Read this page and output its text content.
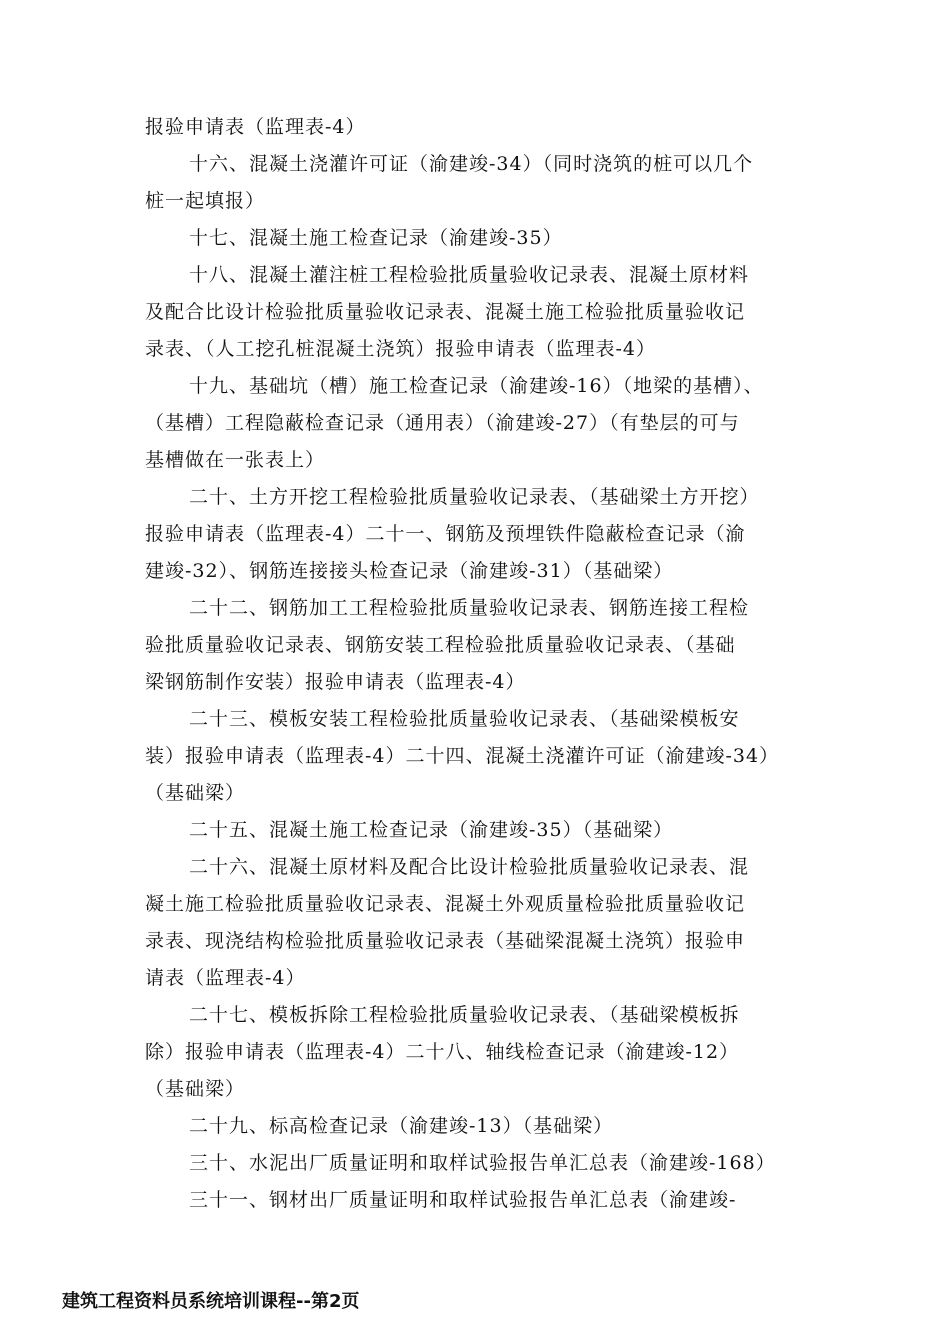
报验申请表（监理表-4）
十六、混凝土浇灌许可证（渝建竣-34）（同时浇筑的桩可以几个
桩一起填报）
十七、混凝土施工检查记录（渝建竣-35）
十八、混凝土灌注桩工程检验批质量验收记录表、混凝土原材料
及配合比设计检验批质量验收记录表、混凝土施工检验批质量验收记
录表、（人工挖孔桩混凝土浇筑）报验申请表（监理表-4）
十九、基础坑（槽）施工检查记录（渝建竣-16）（地梁的基槽）、
（基槽）工程隐蔽检查记录（通用表）（渝建竣-27）（有垫层的可与
基槽做在一张表上）
二十、土方开挖工程检验批质量验收记录表、（基础梁土方开挖）
报验申请表（监理表-4）二十一、钢筋及预埋铁件隐蔽检查记录（渝
建竣-32）、钢筋连接接头检查记录（渝建竣-31）（基础梁）
二十二、钢筋加工工程检验批质量验收记录表、钢筋连接工程检
验批质量验收记录表、钢筋安装工程检验批质量验收记录表、（基础
梁钢筋制作安装）报验申请表（监理表-4）
二十三、模板安装工程检验批质量验收记录表、（基础梁模板安
装）报验申请表（监理表-4）二十四、混凝土浇灌许可证（渝建竣-34）
（基础梁）
二十五、混凝土施工检查记录（渝建竣-35）（基础梁）
二十六、混凝土原材料及配合比设计检验批质量验收记录表、混
凝土施工检验批质量验收记录表、混凝土外观质量检验批质量验收记
录表、现浇结构检验批质量验收记录表（基础梁混凝土浇筑）报验申
请表（监理表-4）
二十七、模板拆除工程检验批质量验收记录表、（基础梁模板拆
除）报验申请表（监理表-4）二十八、轴线检查记录（渝建竣-12）
（基础梁）
二十九、标高检查记录（渝建竣-13）（基础梁）
三十、水泥出厂质量证明和取样试验报告单汇总表（渝建竣-168）
三十一、钢材出厂质量证明和取样试验报告单汇总表（渝建竣-
建筑工程资料员系统培训课程--第2页
